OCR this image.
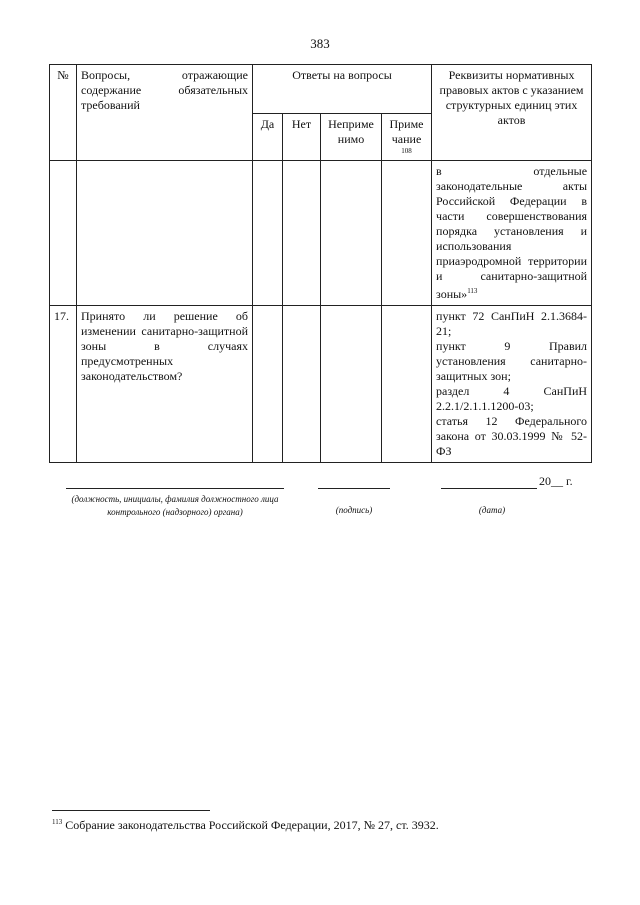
383
№	Вопросы, отражающие содержание обязательных требований	Ответы на вопросы				Реквизиты нормативных правовых актов с указанием структурных единиц этих актов
		Да	Нет	Неприме нимо	Приме чание
108	

						в отдельные законодательные акты Российской Федерации в части совершенствования порядка установления и использования приаэродромной территории и санитарно-защитной зоны»$^{113}$
17.	Принято ли решение об изменении санитарно-защитной зоны в случаях предусмотренных законодательством?					пункт 72 СанПиН 2.1.3684-21;
пункт 9 Правил установления санитарно-защитных зон;
раздел 4 СанПиН 2.2.1/2.1.1.1200-03;
статья 12 Федерального закона от 30.03.1999 № 52-ФЗ
20__ г.
(должность, инициалы, фамилия должностного лица контрольного (надзорного) органа)	(подпись)	(дата)
$^{113}$ Собрание законодательства Российской Федерации, 2017, № 27, ст. 3932.
